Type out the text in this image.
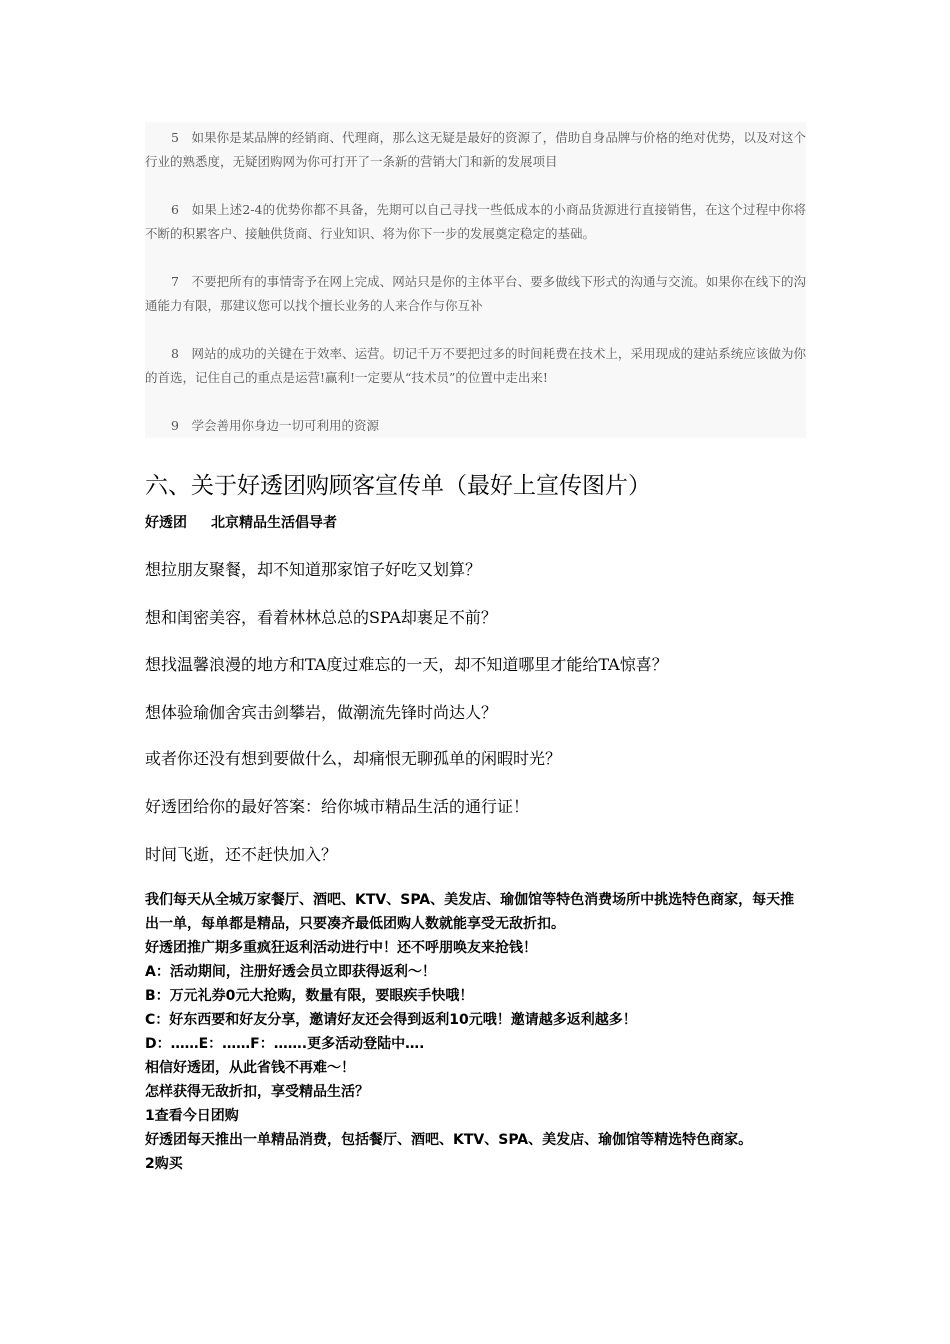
5　 如果你是某品牌的经销商、代理商，那么这无疑是最好的资源了，借助自身品牌与价格的绝对优势，以及对这个行业的熟悉度，无疑团购网为你可打开了一条新的营销大门和新的发展项目

6　 如果上述2-4的优势你都不具备，先期可以自己寻找一些低成本的小商品货源进行直接销售，在这个过程中你将不断的积累客户、接触供货商、行业知识、将为你下一步的发展奠定稳定的基础。

7　 不要把所有的事情寄予在网上完成、网站只是你的主体平台、要多做线下形式的沟通与交流。如果你在线下的沟通能力有限，那建议您可以找个擅长业务的人来合作与你互补

8　 网站的成功的关键在于效率、运营。切记千万不要把过多的时间耗费在技术上，采用现成的建站系统应该做为你的首选，记住自己的重点是运营!赢利!一定要从“技术员”的位置中走出来!

9　 学会善用你身边一切可利用的资源

六、关于好透团购顾客宣传单（最好上宣传图片）
好透团 北京精品生活倡导者

想拉朋友聚餐，却不知道那家馆子好吃又划算？

想和闺密美容，看着林林总总的SPA却裹足不前？

想找温馨浪漫的地方和TA度过难忘的一天，却不知道哪里才能给TA惊喜？

想体验瑜伽舍宾击剑攀岩，做潮流先锋时尚达人？

或者你还没有想到要做什么，却痛恨无聊孤单的闲暇时光？

好透团给你的最好答案：给你城市精品生活的通行证！

时间飞逝，还不赶快加入？

我们每天从全城万家餐厅、酒吧、KTV、SPA、美发店、瑜伽馆等特色消费场所中挑选特色商家，每天推出一单，每单都是精品，只要凑齐最低团购人数就能享受无敌折扣。

好透团推广期多重疯狂返利活动进行中！还不呼朋唤友来抢钱！

A：活动期间，注册好透会员立即获得返利～！

B：万元礼券0元大抢购，数量有限，要眼疾手快哦！

C：好东西要和好友分享，邀请好友还会得到返利10元哦！邀请越多返利越多！

D：……E：……F：…….更多活动登陆中….

相信好透团，从此省钱不再难～！

怎样获得无敌折扣，享受精品生活？

1查看今日团购

好透团每天推出一单精品消费，包括餐厅、酒吧、KTV、SPA、美发店、瑜伽馆等精选特色商家。

2购买
